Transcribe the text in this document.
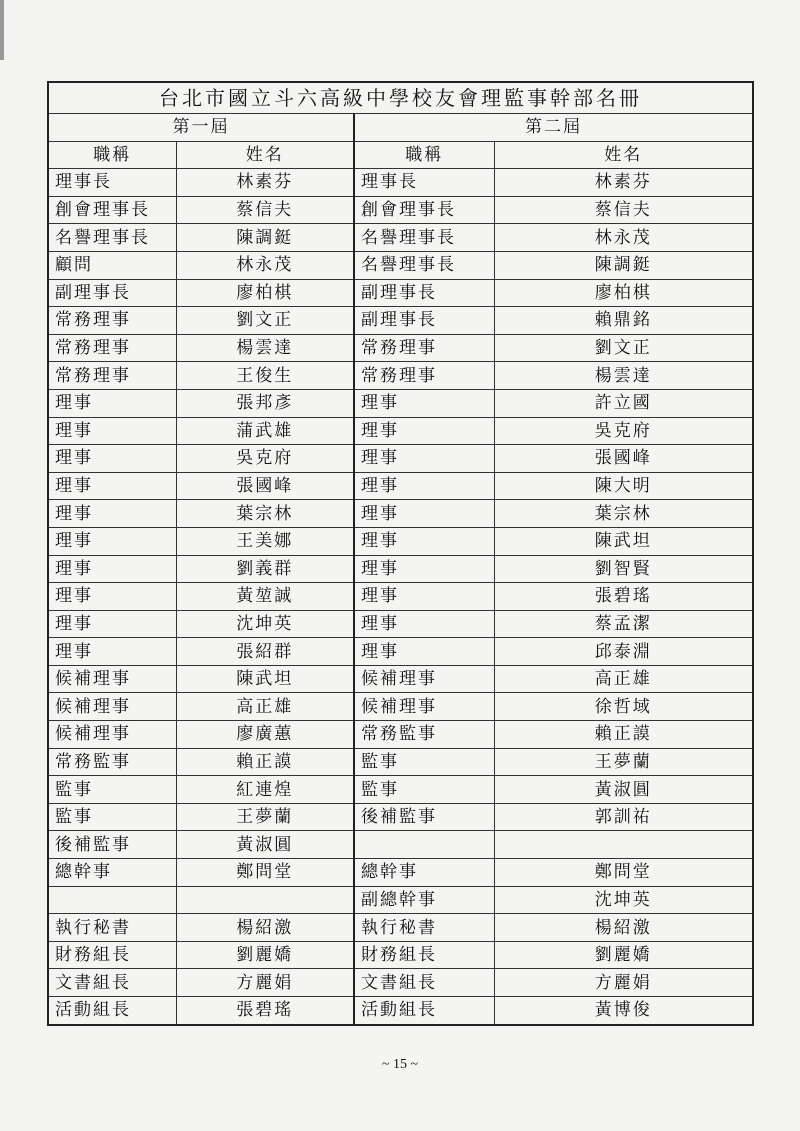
台北市國立斗六高級中學校友會理監事幹部名冊			
第一屆		第二屆	
職稱	姓名	職稱	姓名
理事長	林素芬	理事長	林素芬
創會理事長	蔡信夫	創會理事長	蔡信夫
名譽理事長	陳調鋌	名譽理事長	林永茂
顧問	林永茂	名譽理事長	陳調鋌
副理事長	廖柏棋	副理事長	廖柏棋
常務理事	劉文正	副理事長	賴鼎銘
常務理事	楊雲達	常務理事	劉文正
常務理事	王俊生	常務理事	楊雲達
理事	張邦彥	理事	許立國
理事	蒲武雄	理事	吳克府
理事	吳克府	理事	張國峰
理事	張國峰	理事	陳大明
理事	葉宗林	理事	葉宗林
理事	王美娜	理事	陳武坦
理事	劉義群	理事	劉智賢
理事	黃堃誠	理事	張碧瑤
理事	沈坤英	理事	蔡孟潔
理事	張紹群	理事	邱泰淵
候補理事	陳武坦	候補理事	高正雄
候補理事	高正雄	候補理事	徐哲域
候補理事	廖廣蕙	常務監事	賴正謨
常務監事	賴正謨	監事	王夢蘭
監事	紅連煌	監事	黃淑圓
監事	王夢蘭	後補監事	郭訓祐
後補監事	黃淑圓		
總幹事	鄭問堂	總幹事	鄭問堂
		副總幹事	沈坤英
執行秘書	楊紹激	執行秘書	楊紹激
財務組長	劉麗嬌	財務組長	劉麗嬌
文書組長	方麗娟	文書組長	方麗娟
活動組長	張碧瑤	活動組長	黃博俊
~ 15 ~
